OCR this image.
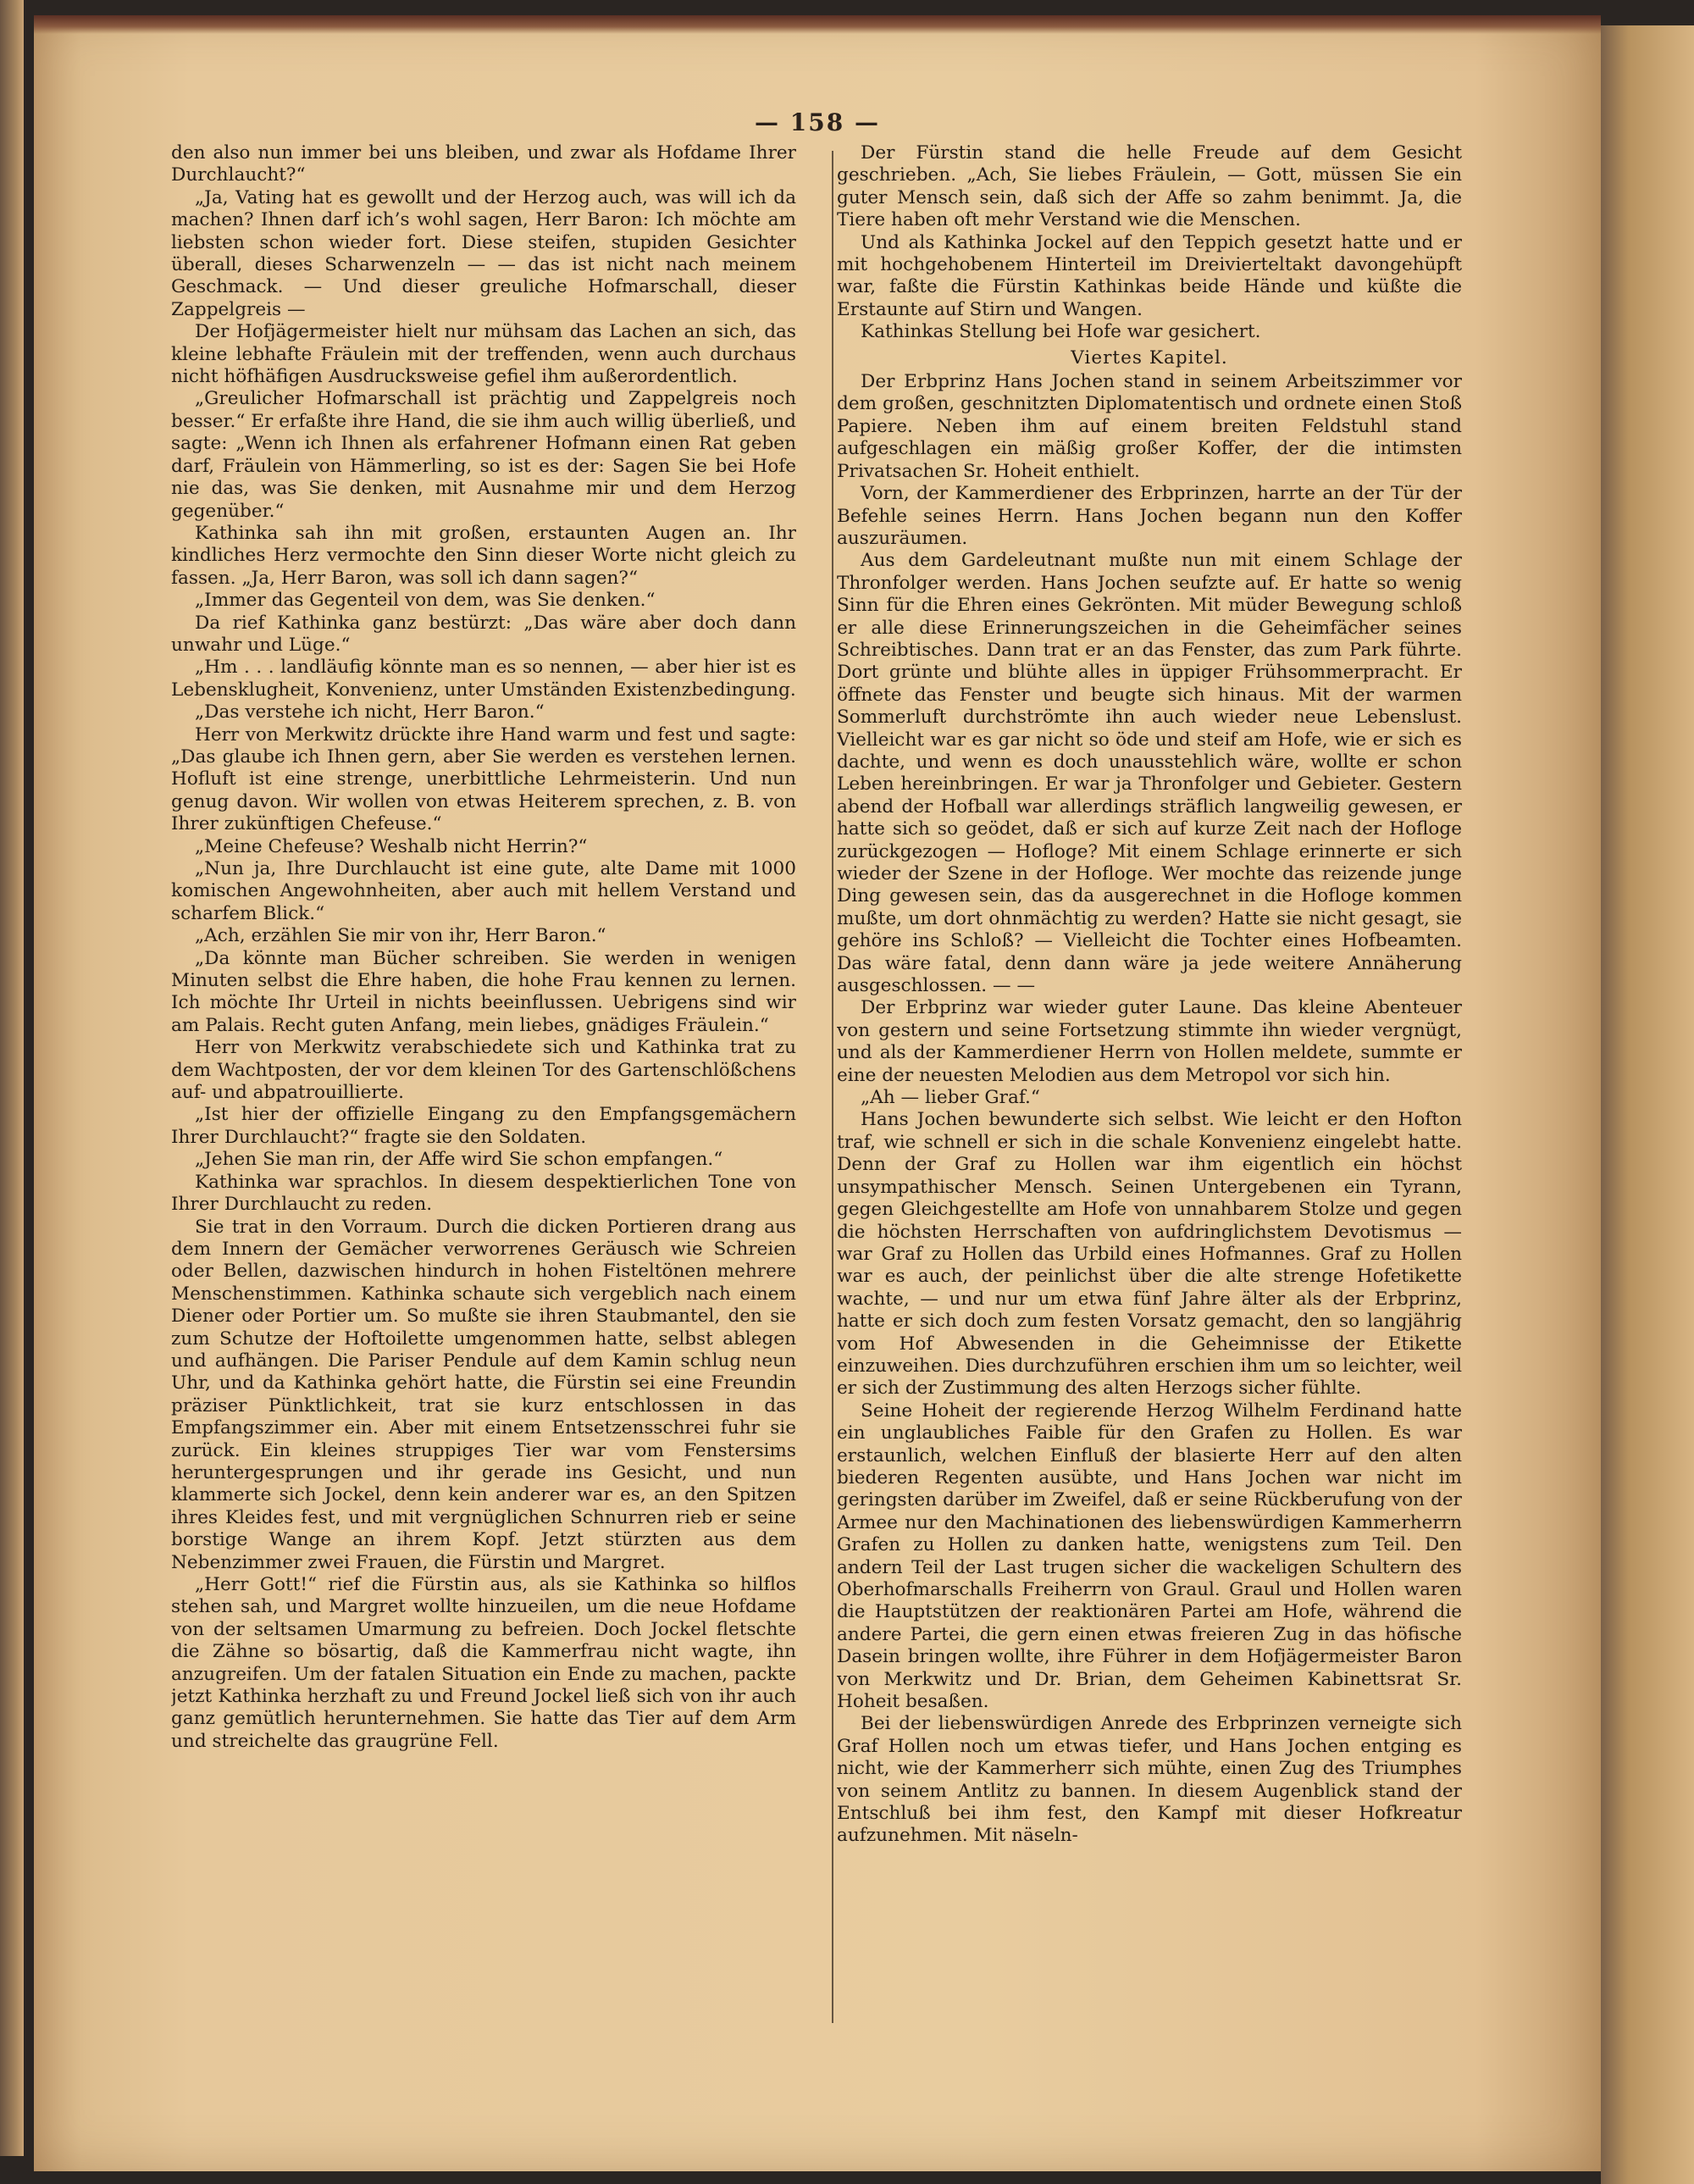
— 158 —

den also nun immer bei uns bleiben, und zwar als Hofdame Ihrer Durchlaucht?“

„Ja, Vating hat es gewollt und der Herzog auch, was will ich da machen? Ihnen darf ich’s wohl sagen, Herr Baron: Ich möchte am liebsten schon wieder fort. Diese steifen, stupiden Gesichter überall, dieses Scharwenzeln — — das ist nicht nach meinem Geschmack. — Und dieser greuliche Hofmarschall, dieser Zappelgreis —

Der Hofjägermeister hielt nur mühsam das Lachen an sich, das kleine lebhafte Fräulein mit der treffenden, wenn auch durchaus nicht höfhäfigen Ausdrucksweise gefiel ihm außerordentlich.

„Greulicher Hofmarschall ist prächtig und Zappelgreis noch besser.“ Er erfaßte ihre Hand, die sie ihm auch willig überließ, und sagte: „Wenn ich Ihnen als erfahrener Hofmann einen Rat geben darf, Fräulein von Hämmerling, so ist es der: Sagen Sie bei Hofe nie das, was Sie denken, mit Ausnahme mir und dem Herzog gegenüber.“

Kathinka sah ihn mit großen, erstaunten Augen an. Ihr kindliches Herz vermochte den Sinn dieser Worte nicht gleich zu fassen. „Ja, Herr Baron, was soll ich dann sagen?“

„Immer das Gegenteil von dem, was Sie denken.“

Da rief Kathinka ganz bestürzt: „Das wäre aber doch dann unwahr und Lüge.“

„Hm . . . landläufig könnte man es so nennen, — aber hier ist es Lebensklugheit, Konvenienz, unter Umständen Existenzbedingung.

„Das verstehe ich nicht, Herr Baron.“

Herr von Merkwitz drückte ihre Hand warm und fest und sagte: „Das glaube ich Ihnen gern, aber Sie werden es verstehen lernen. Hofluft ist eine strenge, unerbittliche Lehrmeisterin. Und nun genug davon. Wir wollen von etwas Heiterem sprechen, z. B. von Ihrer zukünftigen Chefeuse.“

„Meine Chefeuse? Weshalb nicht Herrin?“

„Nun ja, Ihre Durchlaucht ist eine gute, alte Dame mit 1000 komischen Angewohnheiten, aber auch mit hellem Verstand und scharfem Blick.“

„Ach, erzählen Sie mir von ihr, Herr Baron.“

„Da könnte man Bücher schreiben. Sie werden in wenigen Minuten selbst die Ehre haben, die hohe Frau kennen zu lernen. Ich möchte Ihr Urteil in nichts beeinflussen. Uebrigens sind wir am Palais. Recht guten Anfang, mein liebes, gnädiges Fräulein.“

Herr von Merkwitz verabschiedete sich und Kathinka trat zu dem Wachtposten, der vor dem kleinen Tor des Gartenschlößchens auf- und abpatrouillierte.

„Ist hier der offizielle Eingang zu den Empfangsgemächern Ihrer Durchlaucht?“ fragte sie den Soldaten.

„Jehen Sie man rin, der Affe wird Sie schon empfangen.“

Kathinka war sprachlos. In diesem despektierlichen Tone von Ihrer Durchlaucht zu reden.

Sie trat in den Vorraum. Durch die dicken Portieren drang aus dem Innern der Gemächer verworrenes Geräusch wie Schreien oder Bellen, dazwischen hindurch in hohen Fisteltönen mehrere Menschenstimmen. Kathinka schaute sich vergeblich nach einem Diener oder Portier um. So mußte sie ihren Staubmantel, den sie zum Schutze der Hoftoilette umgenommen hatte, selbst ablegen und aufhängen. Die Pariser Pendule auf dem Kamin schlug neun Uhr, und da Kathinka gehört hatte, die Fürstin sei eine Freundin präziser Pünktlichkeit, trat sie kurz entschlossen in das Empfangszimmer ein. Aber mit einem Entsetzensschrei fuhr sie zurück. Ein kleines struppiges Tier war vom Fenstersims heruntergesprungen und ihr gerade ins Gesicht, und nun klammerte sich Jockel, denn kein anderer war es, an den Spitzen ihres Kleides fest, und mit vergnüglichen Schnurren rieb er seine borstige Wange an ihrem Kopf. Jetzt stürzten aus dem Nebenzimmer zwei Frauen, die Fürstin und Margret.

„Herr Gott!“ rief die Fürstin aus, als sie Kathinka so hilflos stehen sah, und Margret wollte hinzueilen, um die neue Hofdame von der seltsamen Umarmung zu befreien. Doch Jockel fletschte die Zähne so bösartig, daß die Kammerfrau nicht wagte, ihn anzugreifen. Um der fatalen Situation ein Ende zu machen, packte jetzt Kathinka herzhaft zu und Freund Jockel ließ sich von ihr auch ganz gemütlich herunternehmen. Sie hatte das Tier auf dem Arm und streichelte das graugrüne Fell.

Der Fürstin stand die helle Freude auf dem Gesicht geschrieben. „Ach, Sie liebes Fräulein, — Gott, müssen Sie ein guter Mensch sein, daß sich der Affe so zahm benimmt. Ja, die Tiere haben oft mehr Verstand wie die Menschen.

Und als Kathinka Jockel auf den Teppich gesetzt hatte und er mit hochgehobenem Hinterteil im Dreivierteltakt davongehüpft war, faßte die Fürstin Kathinkas beide Hände und küßte die Erstaunte auf Stirn und Wangen.

Kathinkas Stellung bei Hofe war gesichert.

Viertes Kapitel.

Der Erbprinz Hans Jochen stand in seinem Arbeitszimmer vor dem großen, geschnitzten Diplomatentisch und ordnete einen Stoß Papiere. Neben ihm auf einem breiten Feldstuhl stand aufgeschlagen ein mäßig großer Koffer, der die intimsten Privatsachen Sr. Hoheit enthielt.

Vorn, der Kammerdiener des Erbprinzen, harrte an der Tür der Befehle seines Herrn. Hans Jochen begann nun den Koffer auszuräumen.

Aus dem Gardeleutnant mußte nun mit einem Schlage der Thronfolger werden. Hans Jochen seufzte auf. Er hatte so wenig Sinn für die Ehren eines Gekrönten. Mit müder Bewegung schloß er alle diese Erinnerungszeichen in die Geheimfächer seines Schreibtisches. Dann trat er an das Fenster, das zum Park führte. Dort grünte und blühte alles in üppiger Frühsommerpracht. Er öffnete das Fenster und beugte sich hinaus. Mit der warmen Sommerluft durchströmte ihn auch wieder neue Lebenslust. Vielleicht war es gar nicht so öde und steif am Hofe, wie er sich es dachte, und wenn es doch unausstehlich wäre, wollte er schon Leben hereinbringen. Er war ja Thronfolger und Gebieter. Gestern abend der Hofball war allerdings sträflich langweilig gewesen, er hatte sich so geödet, daß er sich auf kurze Zeit nach der Hofloge zurückgezogen — Hofloge? Mit einem Schlage erinnerte er sich wieder der Szene in der Hofloge. Wer mochte das reizende junge Ding gewesen sein, das da ausgerechnet in die Hofloge kommen mußte, um dort ohnmächtig zu werden? Hatte sie nicht gesagt, sie gehöre ins Schloß? — Vielleicht die Tochter eines Hofbeamten. Das wäre fatal, denn dann wäre ja jede weitere Annäherung ausgeschlossen. — —

Der Erbprinz war wieder guter Laune. Das kleine Abenteuer von gestern und seine Fortsetzung stimmte ihn wieder vergnügt, und als der Kammerdiener Herrn von Hollen meldete, summte er eine der neuesten Melodien aus dem Metropol vor sich hin.

„Ah — lieber Graf.“

Hans Jochen bewunderte sich selbst. Wie leicht er den Hofton traf, wie schnell er sich in die schale Konvenienz eingelebt hatte. Denn der Graf zu Hollen war ihm eigentlich ein höchst unsympathischer Mensch. Seinen Untergebenen ein Tyrann, gegen Gleichgestellte am Hofe von unnahbarem Stolze und gegen die höchsten Herrschaften von aufdringlichstem Devotismus — war Graf zu Hollen das Urbild eines Hofmannes. Graf zu Hollen war es auch, der peinlichst über die alte strenge Hofetikette wachte, — und nur um etwa fünf Jahre älter als der Erbprinz, hatte er sich doch zum festen Vorsatz gemacht, den so langjährig vom Hof Abwesenden in die Geheimnisse der Etikette einzuweihen. Dies durchzuführen erschien ihm um so leichter, weil er sich der Zustimmung des alten Herzogs sicher fühlte.

Seine Hoheit der regierende Herzog Wilhelm Ferdinand hatte ein unglaubliches Faible für den Grafen zu Hollen. Es war erstaunlich, welchen Einfluß der blasierte Herr auf den alten biederen Regenten ausübte, und Hans Jochen war nicht im geringsten darüber im Zweifel, daß er seine Rückberufung von der Armee nur den Machinationen des liebenswürdigen Kammerherrn Grafen zu Hollen zu danken hatte, wenigstens zum Teil. Den andern Teil der Last trugen sicher die wackeligen Schultern des Oberhofmarschalls Freiherrn von Graul. Graul und Hollen waren die Hauptstützen der reaktionären Partei am Hofe, während die andere Partei, die gern einen etwas freieren Zug in das höfische Dasein bringen wollte, ihre Führer in dem Hofjägermeister Baron von Merkwitz und Dr. Brian, dem Geheimen Kabinettsrat Sr. Hoheit besaßen.

Bei der liebenswürdigen Anrede des Erbprinzen verneigte sich Graf Hollen noch um etwas tiefer, und Hans Jochen entging es nicht, wie der Kammerherr sich mühte, einen Zug des Triumphes von seinem Antlitz zu bannen. In diesem Augenblick stand der Entschluß bei ihm fest, den Kampf mit dieser Hofkreatur aufzunehmen. Mit näseln-
